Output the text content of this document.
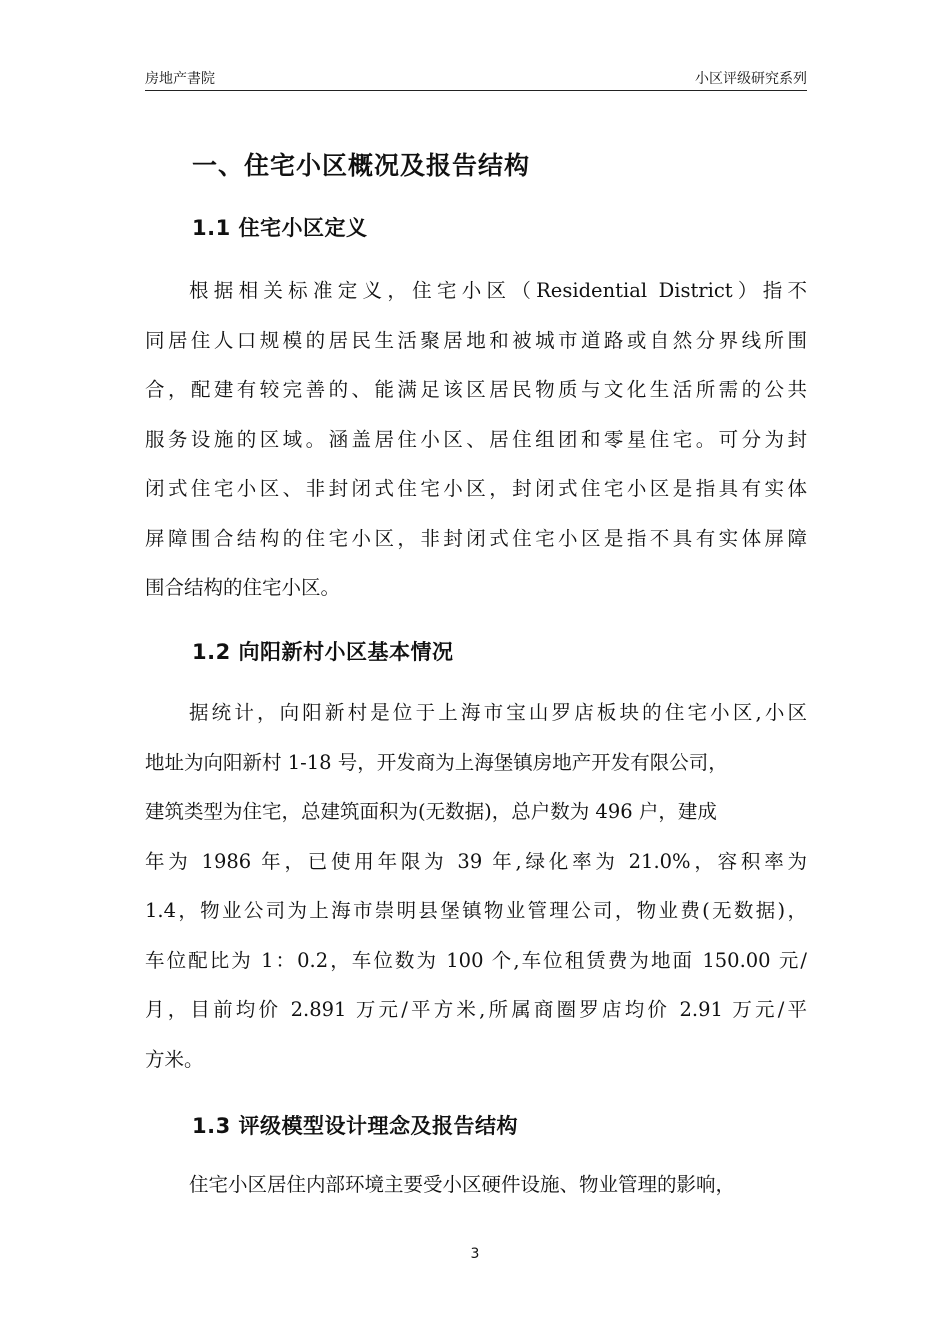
房地产書院	小区评级研究系列
一、住宅小区概况及报告结构
1.1 住宅小区定义
根据相关标准定义，住宅小区（Residential District）指不
同居住人口规模的居民生活聚居地和被城市道路或自然分界线所围
合，配建有较完善的、能满足该区居民物质与文化生活所需的公共
服务设施的区域。涵盖居住小区、居住组团和零星住宅。可分为封
闭式住宅小区、非封闭式住宅小区，封闭式住宅小区是指具有实体
屏障围合结构的住宅小区，非封闭式住宅小区是指不具有实体屏障
围合结构的住宅小区。
1.2 向阳新村小区基本情况
据统计，向阳新村是位于上海市宝山罗店板块的住宅小区,小区
地址为向阳新村 1-18 号，开发商为上海堡镇房地产开发有限公司，
建筑类型为住宅，总建筑面积为(无数据)，总户数为 496 户，建成
年为 1986 年，已使用年限为 39 年,绿化率为 21.0%，容积率为
1.4，物业公司为上海市崇明县堡镇物业管理公司，物业费(无数据)，
车位配比为 1：0.2，车位数为 100 个,车位租赁费为地面 150.00 元/
月，目前均价 2.891 万元/平方米,所属商圈罗店均价 2.91 万元/平
方米。
1.3 评级模型设计理念及报告结构
住宅小区居住内部环境主要受小区硬件设施、物业管理的影响，
3
